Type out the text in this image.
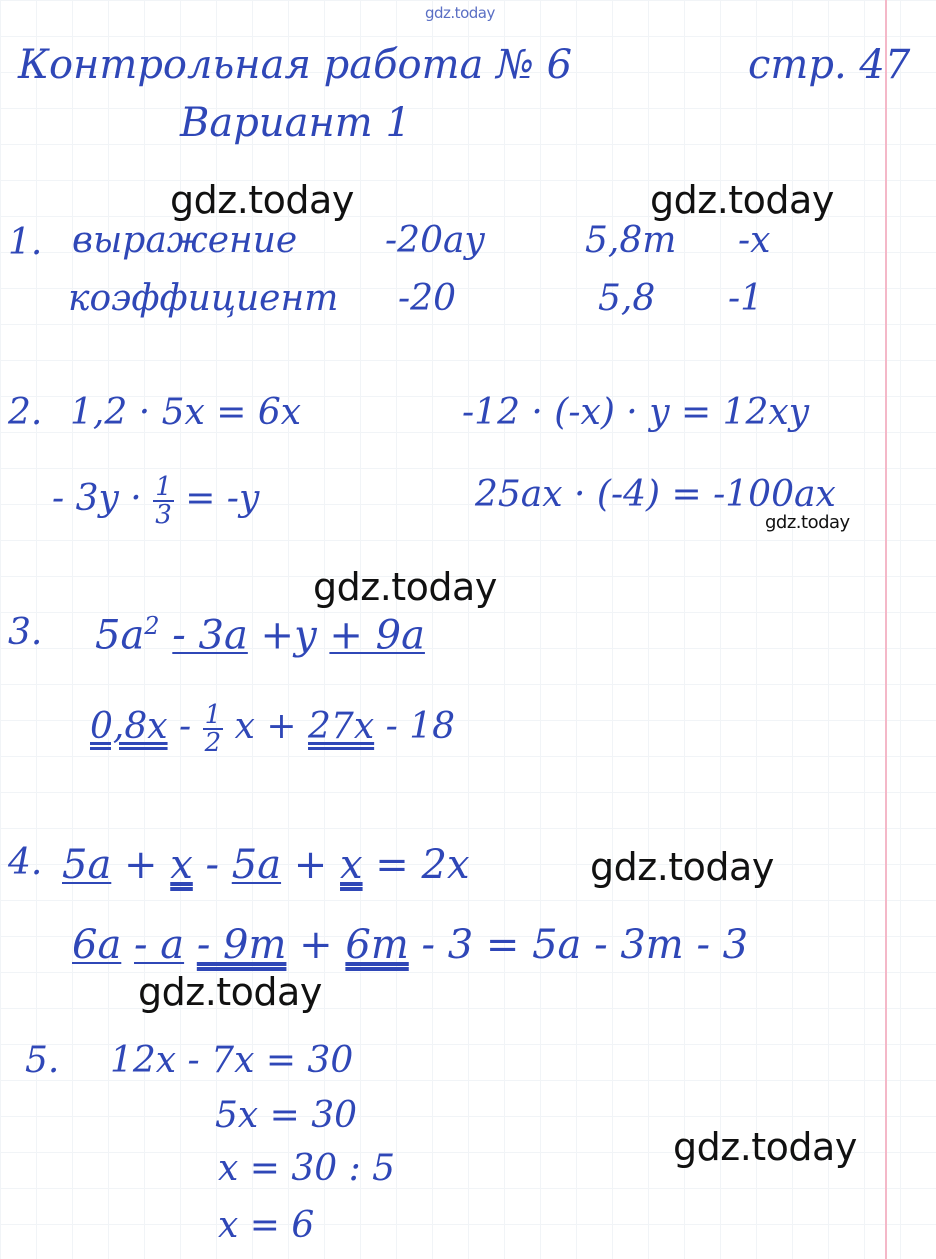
gdz.today
gdz.today	gdz.today
gdz.today
gdz.today
gdz.today
gdz.today
gdz.today
Контрольная работа № 6	стр. 47
Вариант 1
1. выражение -20ay	5,8m -x
коэффициент -20	5,8 -1
2. 1,2 · 5x = 6x	-12 · (-x) · y = 12xy
- $3y \cdot \frac{1}{3} = -y$	25ax · (-4) = -100ax
3. $5a^2 - 3a +y + 9a$
$0,8x - \frac{1}{2}$ x + 27x - 18
4. 5a + x - 5a + x = 2x
6a - a - 9m + 6m - 3 = 5a - 3m - 3
5. 12x - 7x = 30
5x = 30
x = 30 : 5
x = 6
